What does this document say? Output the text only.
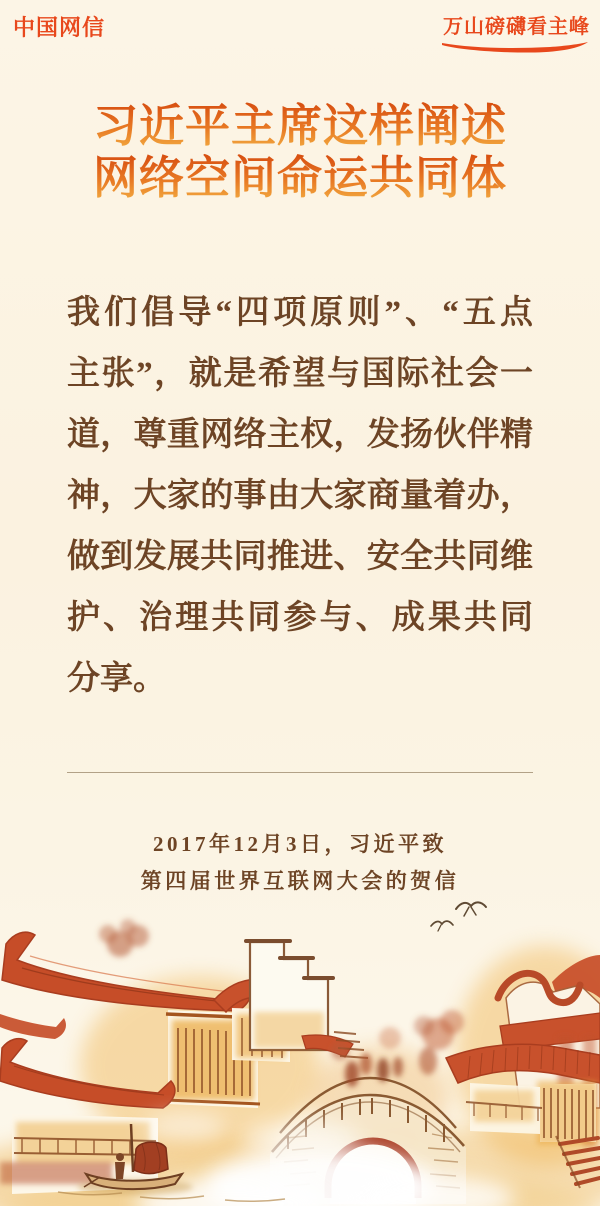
中国网信	万山磅礴看主峰
习近平主席这样阐述
网络空间命运共同体
我们倡导“四项原则”、“五点
主张”，就是希望与国际社会一
道，尊重网络主权，发扬伙伴精
神，大家的事由大家商量着办，
做到发展共同推进、安全共同维
护、治理共同参与、成果共同
分享。
2017年12月3日，习近平致
第四届世界互联网大会的贺信
